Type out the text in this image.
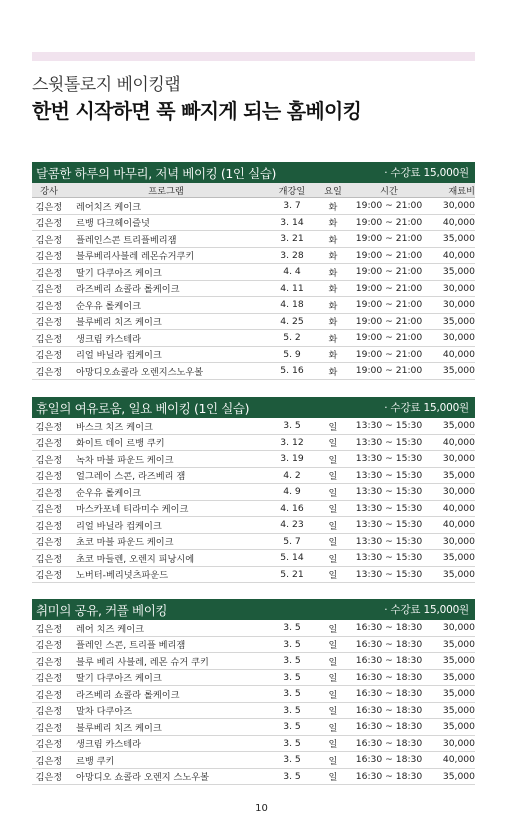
스윗톨로지 베이킹랩
한번 시작하면 푹 빠지게 되는 홈베이킹
달콤한 하루의 마무리, 저녁 베이킹 (1인 실습)	· 수강료 15,000원
강사	프로그램	개강일	요일	시간	재료비
김은정	레어치즈 케이크	3. 7	화	19:00 ~ 21:00	30,000
김은정	르뱅 다크헤이즐넛	3. 14	화	19:00 ~ 21:00	40,000
김은정	플레인스콘 트리플베리잼	3. 21	화	19:00 ~ 21:00	35,000
김은정	블루베리사블레 레몬슈거쿠키	3. 28	화	19:00 ~ 21:00	40,000
김은정	딸기 다쿠아즈 케이크	4. 4	화	19:00 ~ 21:00	35,000
김은정	라즈베리 쇼콜라 롤케이크	4. 11	화	19:00 ~ 21:00	30,000
김은정	순우유 롤케이크	4. 18	화	19:00 ~ 21:00	30,000
김은정	블루베리 치즈 케이크	4. 25	화	19:00 ~ 21:00	35,000
김은정	생크림 카스테라	5. 2	화	19:00 ~ 21:00	30,000
김은정	리얼 바닐라 컵케이크	5. 9	화	19:00 ~ 21:00	40,000
김은정	아망디오쇼콜라 오렌지스노우볼	5. 16	화	19:00 ~ 21:00	35,000
휴일의 여유로움, 일요 베이킹 (1인 실습)	· 수강료 15,000원
김은정	바스크 치즈 케이크	3. 5	일	13:30 ~ 15:30	35,000
김은정	화이트 데이 르뱅 쿠키	3. 12	일	13:30 ~ 15:30	40,000
김은정	녹차 마블 파운드 케이크	3. 19	일	13:30 ~ 15:30	30,000
김은정	얼그레이 스콘, 라즈베리 잼	4. 2	일	13:30 ~ 15:30	35,000
김은정	순우유 롤케이크	4. 9	일	13:30 ~ 15:30	30,000
김은정	마스카포네 티라미수 케이크	4. 16	일	13:30 ~ 15:30	40,000
김은정	리얼 바닐라 컵케이크	4. 23	일	13:30 ~ 15:30	40,000
김은정	초코 마블 파운드 케이크	5. 7	일	13:30 ~ 15:30	30,000
김은정	초코 마들렌, 오렌지 피낭시에	5. 14	일	13:30 ~ 15:30	35,000
김은정	노버터-베리넛츠파운드	5. 21	일	13:30 ~ 15:30	35,000
취미의 공유, 커플 베이킹	· 수강료 15,000원
김은정	레어 치즈 케이크	3. 5	일	16:30 ~ 18:30	30,000
김은정	플레인 스콘, 트리플 베리잼	3. 5	일	16:30 ~ 18:30	35,000
김은정	블루 베리 사블레, 레몬 슈거 쿠키	3. 5	일	16:30 ~ 18:30	35,000
김은정	딸기 다쿠아즈 케이크	3. 5	일	16:30 ~ 18:30	35,000
김은정	라즈베리 쇼콜라 롤케이크	3. 5	일	16:30 ~ 18:30	35,000
김은정	말차 다쿠아즈	3. 5	일	16:30 ~ 18:30	35,000
김은정	블루베리 치즈 케이크	3. 5	일	16:30 ~ 18:30	35,000
김은정	생크림 카스테라	3. 5	일	16:30 ~ 18:30	30,000
김은정	르뱅 쿠키	3. 5	일	16:30 ~ 18:30	40,000
김은정	아망디오 쇼콜라 오렌지 스노우볼	3. 5	일	16:30 ~ 18:30	35,000
10
